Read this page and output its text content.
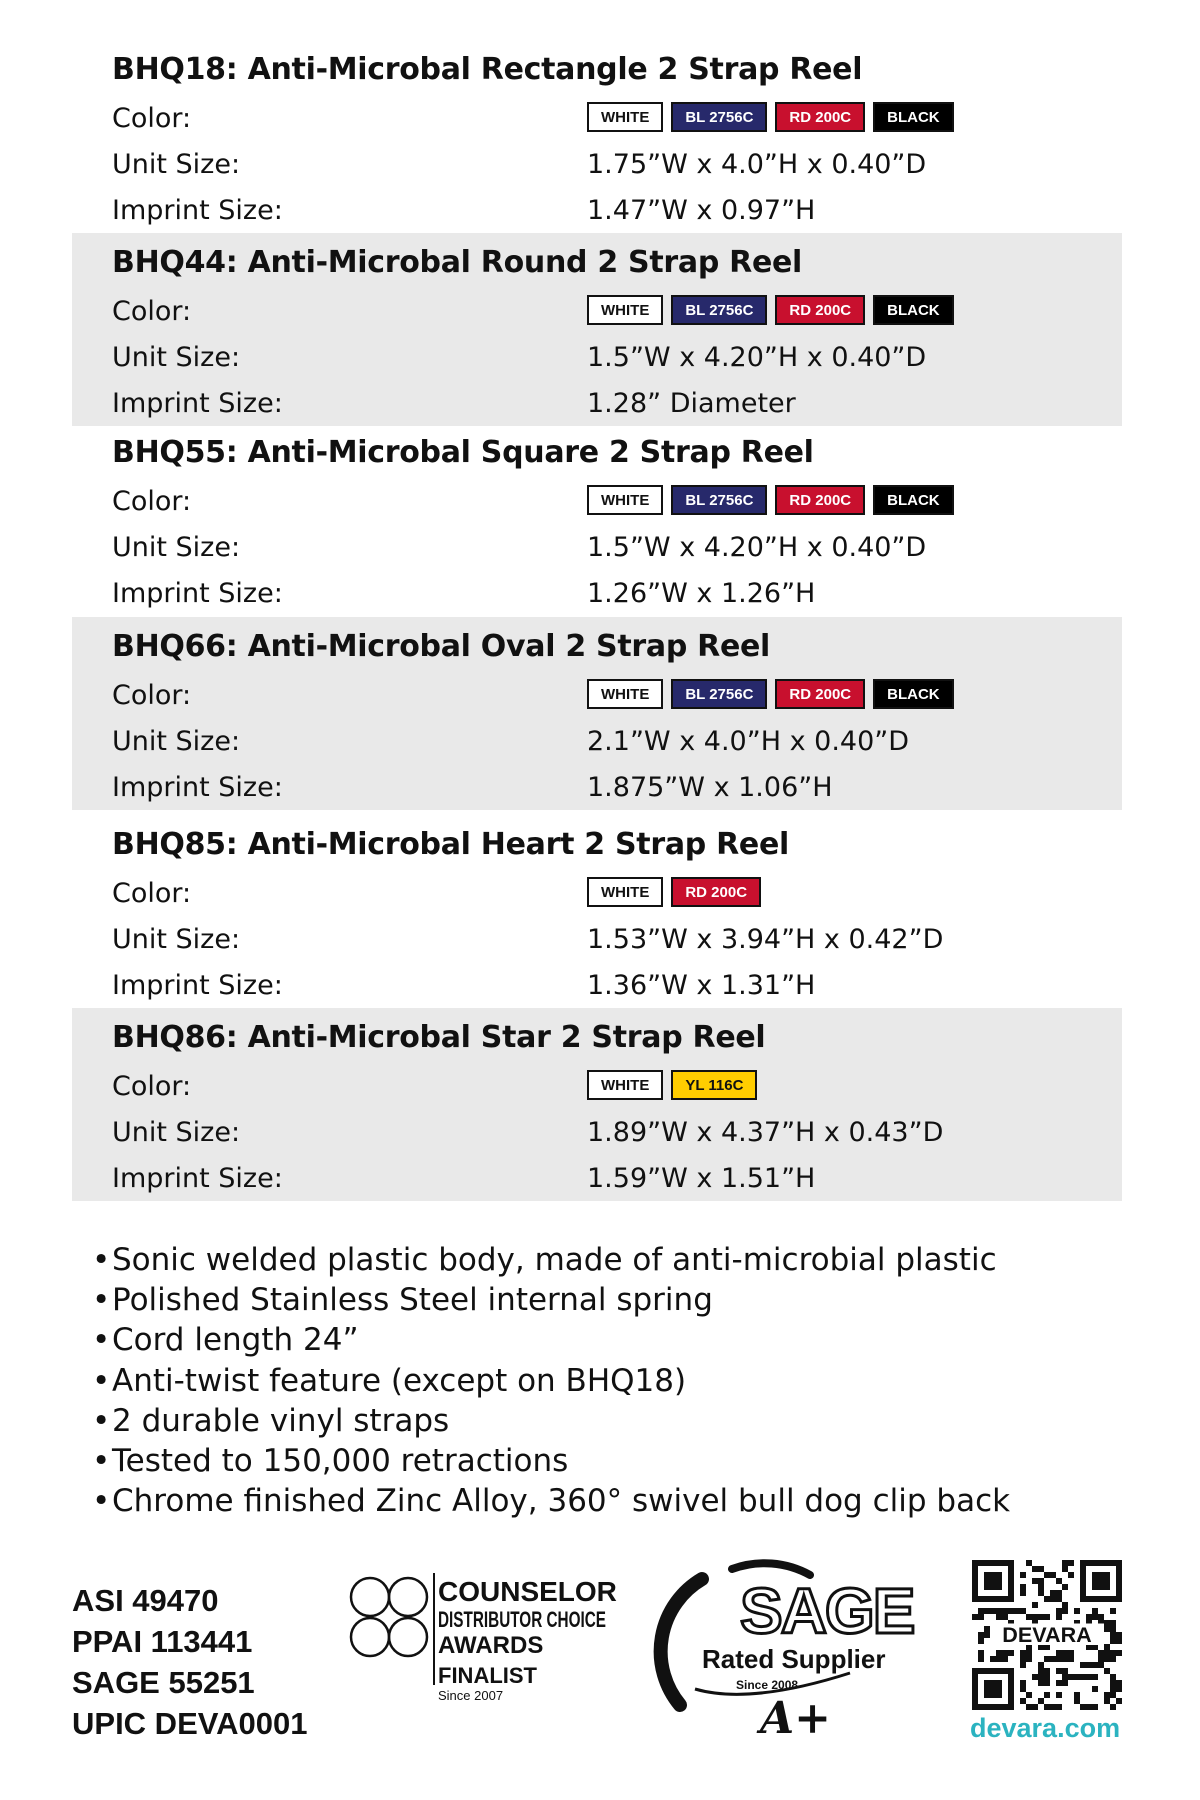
BHQ18: Anti-Microbal Rectangle 2 Strap Reel
Color:	WHITE	BL 2756C	RD 200C	BLACK
Unit Size:	1.75”W x 4.0”H x 0.40”D
Imprint Size:	1.47”W x 0.97”H
BHQ44: Anti-Microbal Round 2 Strap Reel
Color:	WHITE	BL 2756C	RD 200C	BLACK
Unit Size:	1.5”W x 4.20”H x 0.40”D
Imprint Size:	1.28” Diameter
BHQ55: Anti-Microbal Square 2 Strap Reel
Color:	WHITE	BL 2756C	RD 200C	BLACK
Unit Size:	1.5”W x 4.20”H x 0.40”D
Imprint Size:	1.26”W x 1.26”H
BHQ66: Anti-Microbal Oval 2 Strap Reel
Color:	WHITE	BL 2756C	RD 200C	BLACK
Unit Size:	2.1”W x 4.0”H x 0.40”D
Imprint Size:	1.875”W x 1.06”H
BHQ85: Anti-Microbal Heart 2 Strap Reel
Color:	WHITE	RD 200C
Unit Size:	1.53”W x 3.94”H x 0.42”D
Imprint Size:	1.36”W x 1.31”H
BHQ86: Anti-Microbal Star 2 Strap Reel
Color:	WHITE	YL 116C
Unit Size:	1.89”W x 4.37”H x 0.43”D
Imprint Size:	1.59”W x 1.51”H
•Sonic welded plastic body, made of anti-microbial plastic
•Polished Stainless Steel internal spring
•Cord length 24”
•Anti-twist feature (except on BHQ18)
•2 durable vinyl straps
•Tested to 150,000 retractions
•Chrome finished Zinc Alloy, 360° swivel bull dog clip back
ASI 49470
PPAI 113441
SAGE 55251
UPIC DEVA0001
COUNSELOR
DISTRIBUTOR CHOICE
AWARDS
FINALIST
Since 2007
SAGE
Rated Supplier
Since 2008
A+
DEVARA
devara.com
